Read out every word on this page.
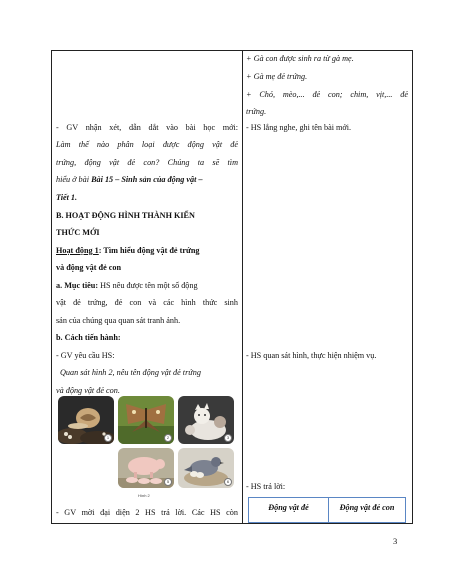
- GV nhận xét, dẫn dắt vào bài học mới:
Làm thế nào phân loại được động vật đẻ
trứng, động vật đẻ con? Chúng ta sẽ tìm
hiểu ở bài Bài 15 – Sinh sản của động vật –
Tiết 1.
B. HOẠT ĐỘNG HÌNH THÀNH KIẾN
THỨC MỚI
Hoạt động 1: Tìm hiểu động vật đẻ trứng
và động vật đẻ con
a. Mục tiêu: HS nêu được tên một số động
vật đẻ trứng, đẻ con và các hình thức sinh
sản của chúng qua quan sát tranh ảnh.
b. Cách tiến hành:
- GV yêu cầu HS:
Quan sát hình 2, nêu tên động vật đẻ trứng
và động vật đẻ con.
1	2	3
5	6
Hình 2
- GV mời đại diện 2 HS trả lời. Các HS còn
+ Gà con được sinh ra từ gà mẹ.
+ Gà mẹ đẻ trứng.
+ Chó, mèo,... đẻ con; chim, vịt,... đẻ
trứng.
- HS lắng nghe, ghi tên bài mới.
- HS quan sát hình, thực hiện nhiệm vụ.
- HS trả lời:
Động vật đẻ	Động vật đẻ con
3
